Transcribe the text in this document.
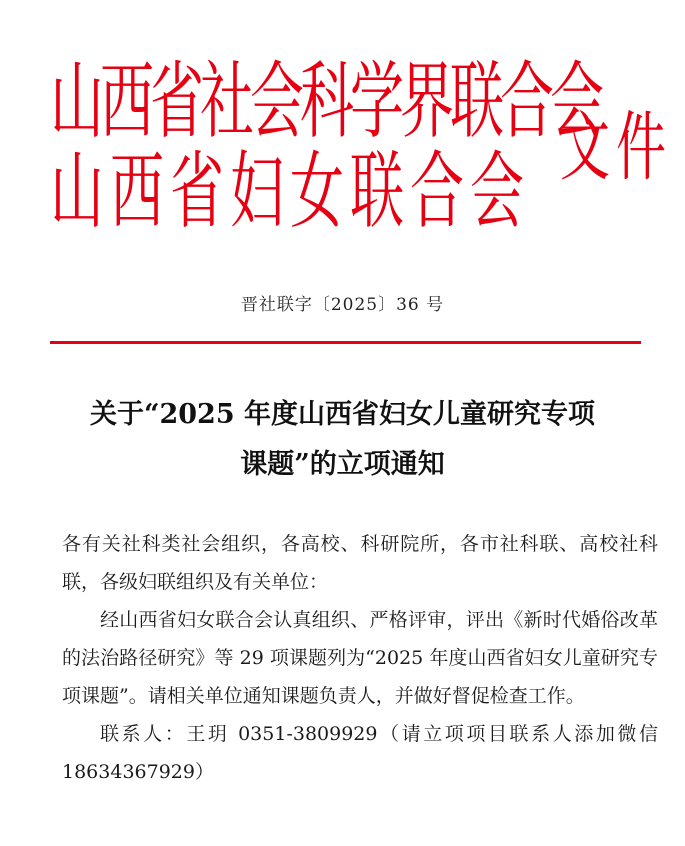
山西省社会科学界联合会
山西省妇女联合会 文件
晋社联字〔2025〕36 号
关于“2025 年度山西省妇女儿童研究专项
课题”的立项通知

各有关社科类社会组织，各高校、科研院所，各市社科联、高校社科联，各级妇联组织及有关单位：

经山西省妇女联合会认真组织、严格评审，评出《新时代婚俗改革的法治路径研究》等 29 项课题列为“2025 年度山西省妇女儿童研究专项课题”。请相关单位通知课题负责人，并做好督促检查工作。

联系人：王玥 0351-3809929（请立项项目联系人添加微信 18634367929）
